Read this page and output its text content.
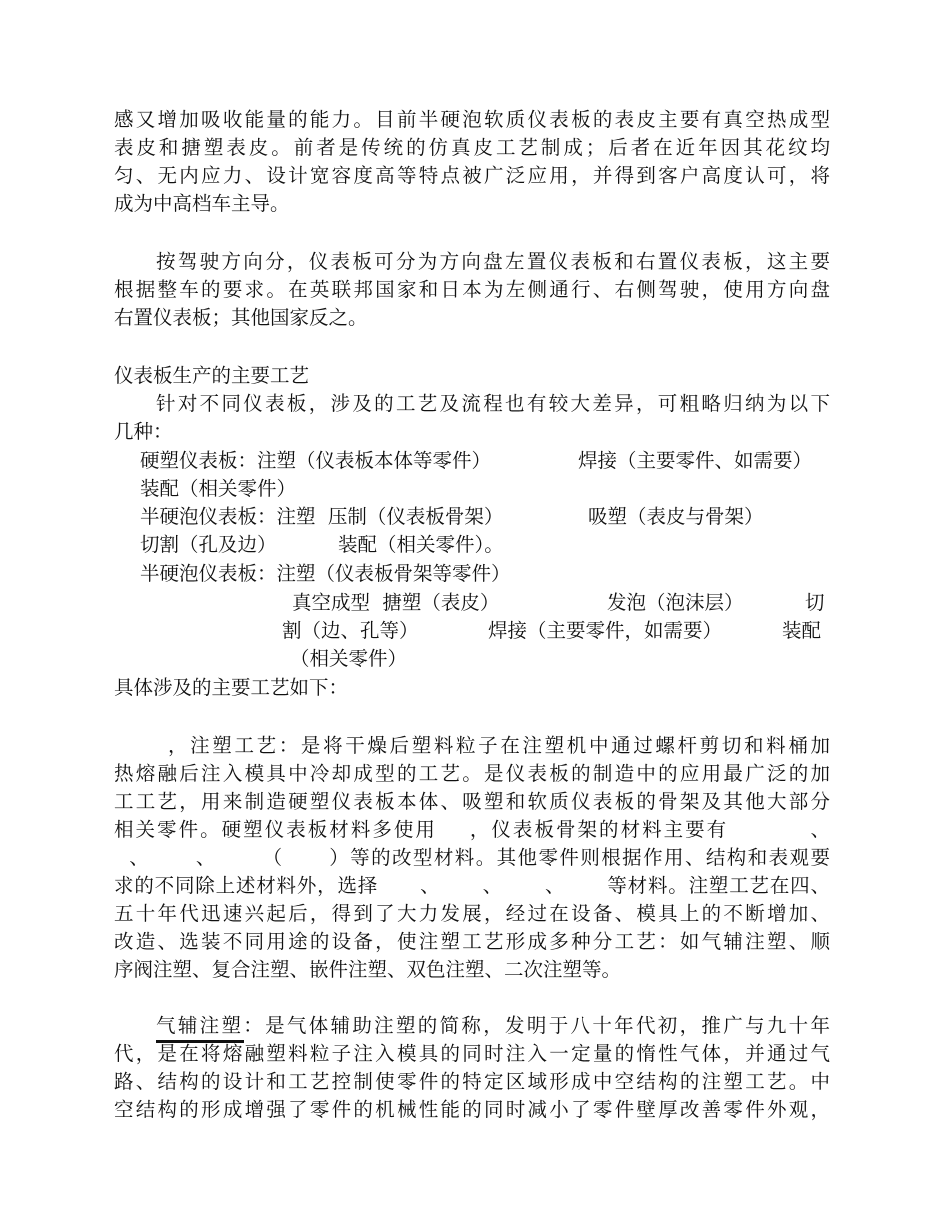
感又增加吸收能量的能力。目前半硬泡软质仪表板的表皮主要有真空热成型
表皮和搪塑表皮。前者是传统的仿真皮工艺制成；后者在近年因其花纹均
匀、无内应力、设计宽容度高等特点被广泛应用，并得到客户高度认可，将
成为中高档车主导。
按驾驶方向分，仪表板可分为方向盘左置仪表板和右置仪表板，这主要
根据整车的要求。在英联邦国家和日本为左侧通行、右侧驾驶，使用方向盘
右置仪表板；其他国家反之。
仪表板生产的主要工艺
针对不同仪表板，涉及的工艺及流程也有较大差异，可粗略归纳为以下
几种：
硬塑仪表板：注塑（仪表板本体等零件）	焊接（主要零件、如需要）
装配（相关零件）
半硬泡仪表板：注塑  压制（仪表板骨架）	吸塑（表皮与骨架）
切割（孔及边）	装配（相关零件）。
半硬泡仪表板：注塑（仪表板骨架等零件）
真空成型  搪塑（表皮）	发泡（泡沫层）	切
割（边、孔等）	焊接（主要零件，如需要）	装配
（相关零件）
具体涉及的主要工艺如下：
，注塑工艺：是将干燥后塑料粒子在注塑机中通过螺杆剪切和料桶加
热熔融后注入模具中冷却成型的工艺。是仪表板的制造中的应用最广泛的加
工工艺，用来制造硬塑仪表板本体、吸塑和软质仪表板的骨架及其他大部分
相关零件。硬塑仪表板材料多使用    ，仪表板骨架的材料主要有          、
、      、      （      ）等的改型材料。其他零件则根据作用、结构和表观要
求的不同除上述材料外，选择      、      、      、      等材料。注塑工艺在四、
五十年代迅速兴起后，得到了大力发展，经过在设备、模具上的不断增加、
改造、选装不同用途的设备，使注塑工艺形成多种分工艺：如气辅注塑、顺
序阀注塑、复合注塑、嵌件注塑、双色注塑、二次注塑等。
气辅注塑：是气体辅助注塑的简称，发明于八十年代初，推广与九十年
代，是在将熔融塑料粒子注入模具的同时注入一定量的惰性气体，并通过气
路、结构的设计和工艺控制使零件的特定区域形成中空结构的注塑工艺。中
空结构的形成增强了零件的机械性能的同时减小了零件壁厚改善零件外观，
